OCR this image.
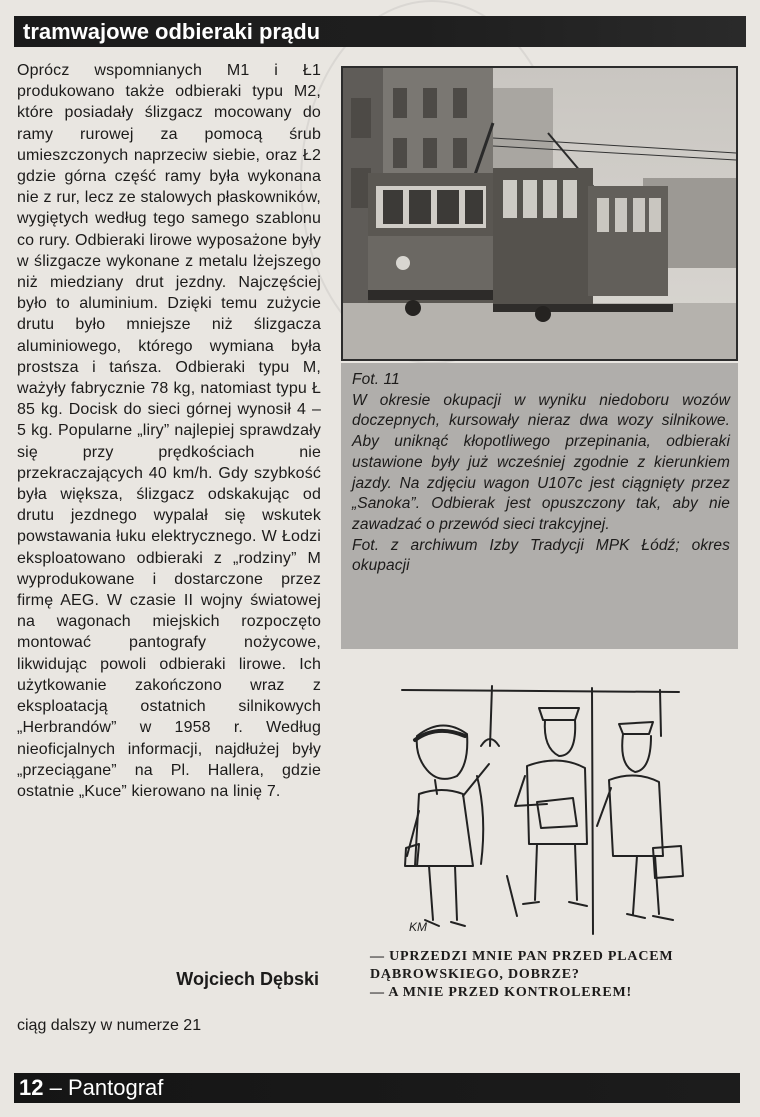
tramwajowe odbieraki prądu
Oprócz wspomnianych M1 i Ł1 produkowano także odbieraki typu M2, które posiadały ślizgacz mocowany do ramy rurowej za pomocą śrub umieszczonych naprzeciw siebie, oraz Ł2 gdzie górna część ramy była wykonana nie z rur, lecz ze stalowych płaskowników, wygiętych według tego samego szablonu co rury. Odbieraki lirowe wyposażone były w ślizgacze wykonane z metalu lżejszego niż miedziany drut jezdny. Najczęściej było to aluminium. Dzięki temu zużycie drutu było mniejsze niż ślizgacza aluminiowego, którego wymiana była prostsza i tańsza. Odbieraki typu M, ważyły fabrycznie 78 kg, natomiast typu Ł 85 kg. Docisk do sieci górnej wynosił 4 – 5 kg. Popularne „liry” najlepiej sprawdzały się przy prędkościach nie przekraczających 40 km/h. Gdy szybkość była większa, ślizgacz odskakując od drutu jezdnego wypalał się wskutek powstawania łuku elektrycznego. W Łodzi eksploatowano odbieraki z „rodziny” M wyprodukowane i dostarczone przez firmę AEG. W czasie II wojny światowej na wagonach miejskich rozpoczęto montować pantografy nożycowe, likwidując powoli odbieraki lirowe. Ich użytkowanie zakończono wraz z eksploatacją ostatnich silnikowych „Herbrandów” w 1958 r. Według nieoficjalnych informacji, najdłużej były „przeciągane” na Pl. Hallera, gdzie ostatnie „Kuce” kierowano na linię 7.
Wojciech Dębski
ciąg dalszy w numerze 21
Fot. 11
W okresie okupacji w wyniku niedoboru wozów doczepnych, kursowały nieraz dwa wozy silnikowe. Aby uniknąć kłopotliwego przepinania, odbieraki ustawione były już wcześniej zgodnie z kierunkiem jazdy. Na zdjęciu wagon U107c jest ciągnięty przez „Sanoka”. Odbierak jest opuszczony tak, aby nie zawadzać o przewód sieci trakcyjnej.
Fot. z archiwum Izby Tradycji MPK Łódź; okres okupacji
KM
— UPRZEDZI MNIE PAN PRZED PLACEM DĄBROWSKIEGO, DOBRZE?
— A MNIE PRZED KONTROLEREM!
12 – Pantograf
